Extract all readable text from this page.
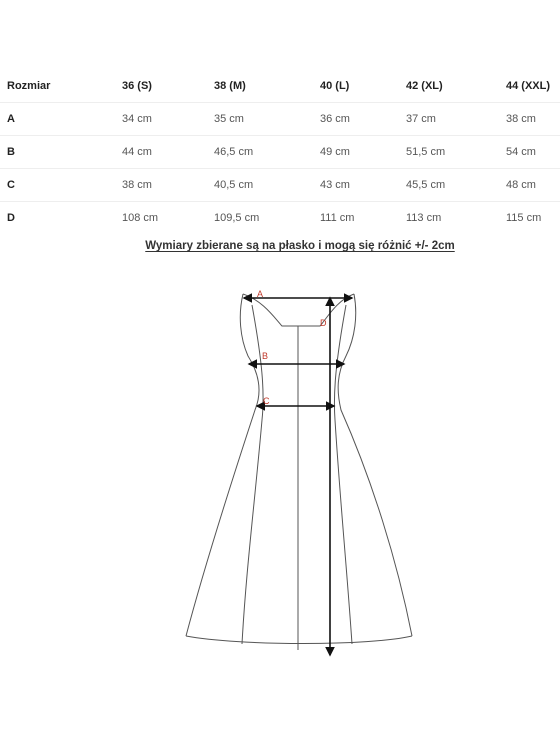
Rozmiar	36 (S)	38 (M)	40 (L)	42 (XL)	44 (XXL)
A	34 cm	35 cm	36 cm	37 cm	38 cm
B	44 cm	46,5 cm	49 cm	51,5 cm	54 cm
C	38 cm	40,5 cm	43 cm	45,5 cm	48 cm
D	108 cm	109,5 cm	111 cm	113 cm	115 cm
Wymiary zbierane są na płasko i mogą się różnić +/- 2cm
A
B
C
D
